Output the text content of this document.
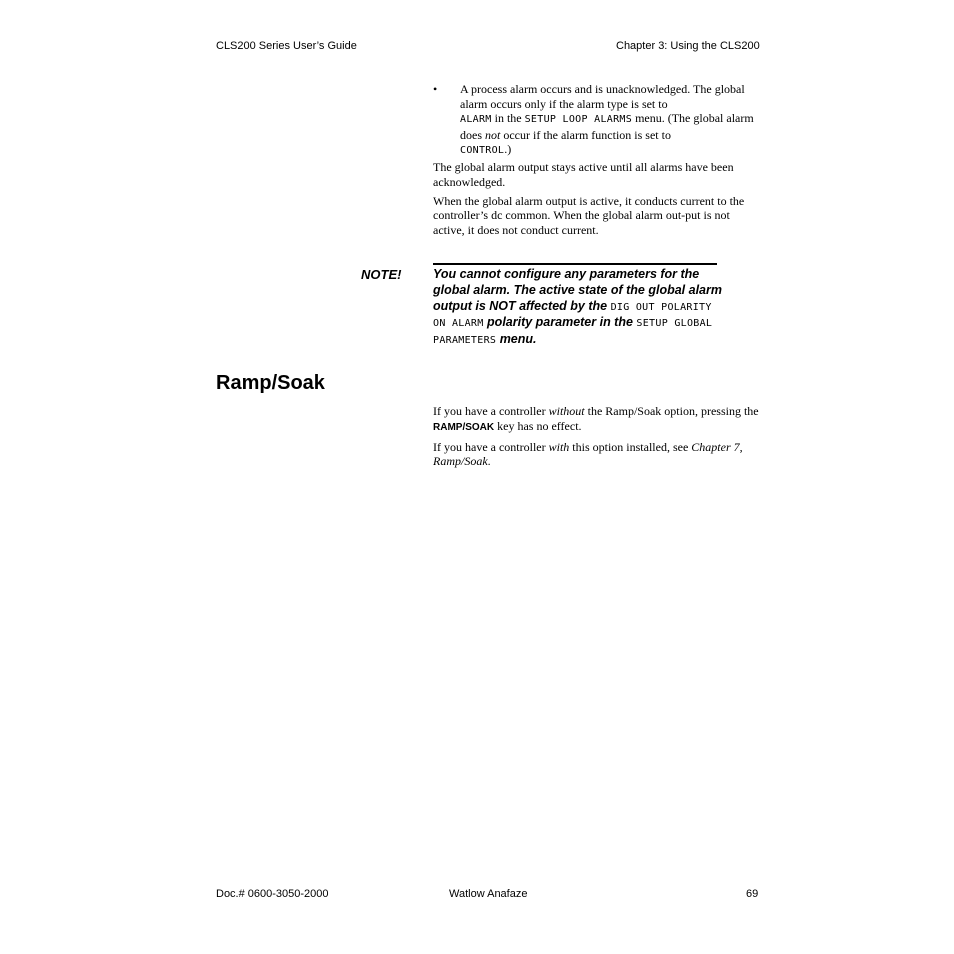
CLS200 Series User’s Guide	Chapter 3: Using the CLS200
• A process alarm occurs and is unacknowledged. The global alarm occurs only if the alarm type is set to
ALARM in the SETUP LOOP ALARMS menu. (The global alarm does not occur if the alarm function is set to
CONTROL.)

The global alarm output stays active until all alarms have been acknowledged.

When the global alarm output is active, it conducts current to the controller’s dc common. When the global alarm out-put is not active, it does not conduct current.

NOTE!	You cannot configure any parameters for the global alarm. The active state of the global alarm output is NOT affected by the DIG OUT POLARITY ON ALARM polarity parameter in the SETUP GLOBAL PARAMETERS menu.
Ramp/Soak

If you have a controller without the Ramp/Soak option, pressing the RAMP/SOAK key has no effect.

If you have a controller with this option installed, see Chapter 7, Ramp/Soak.

Doc.# 0600-3050-2000	Watlow Anafaze	69
